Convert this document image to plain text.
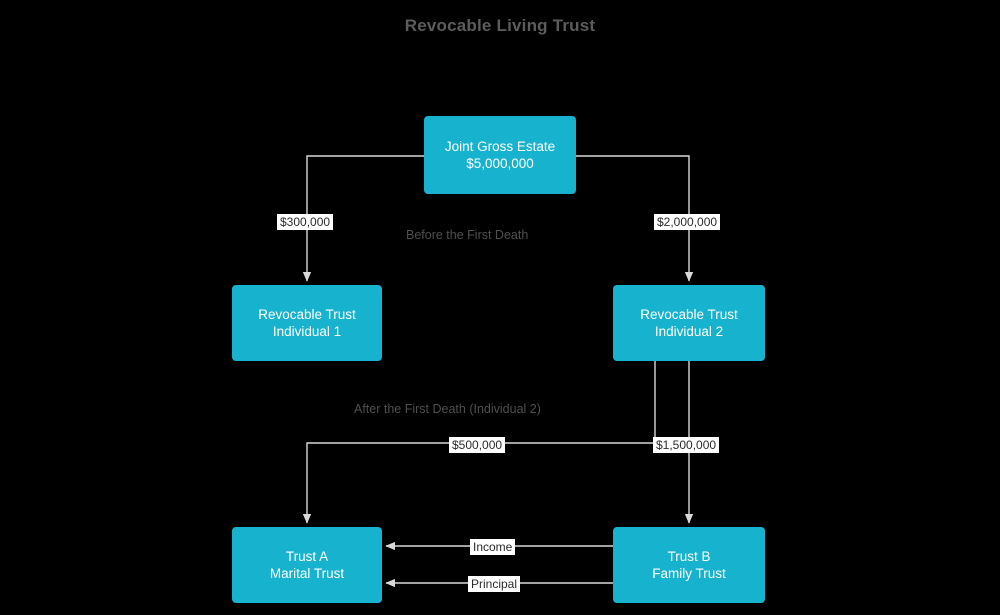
Revocable Living Trust
Joint Gross Estate
$5,000,000
Revocable Trust
Individual 1
Revocable Trust
Individual 2
Trust A
Marital Trust
Trust B
Family Trust
Before the First Death
After the First Death (Individual 2)
$300,000	$2,000,000
$500,000	$1,500,000
Income
Principal
